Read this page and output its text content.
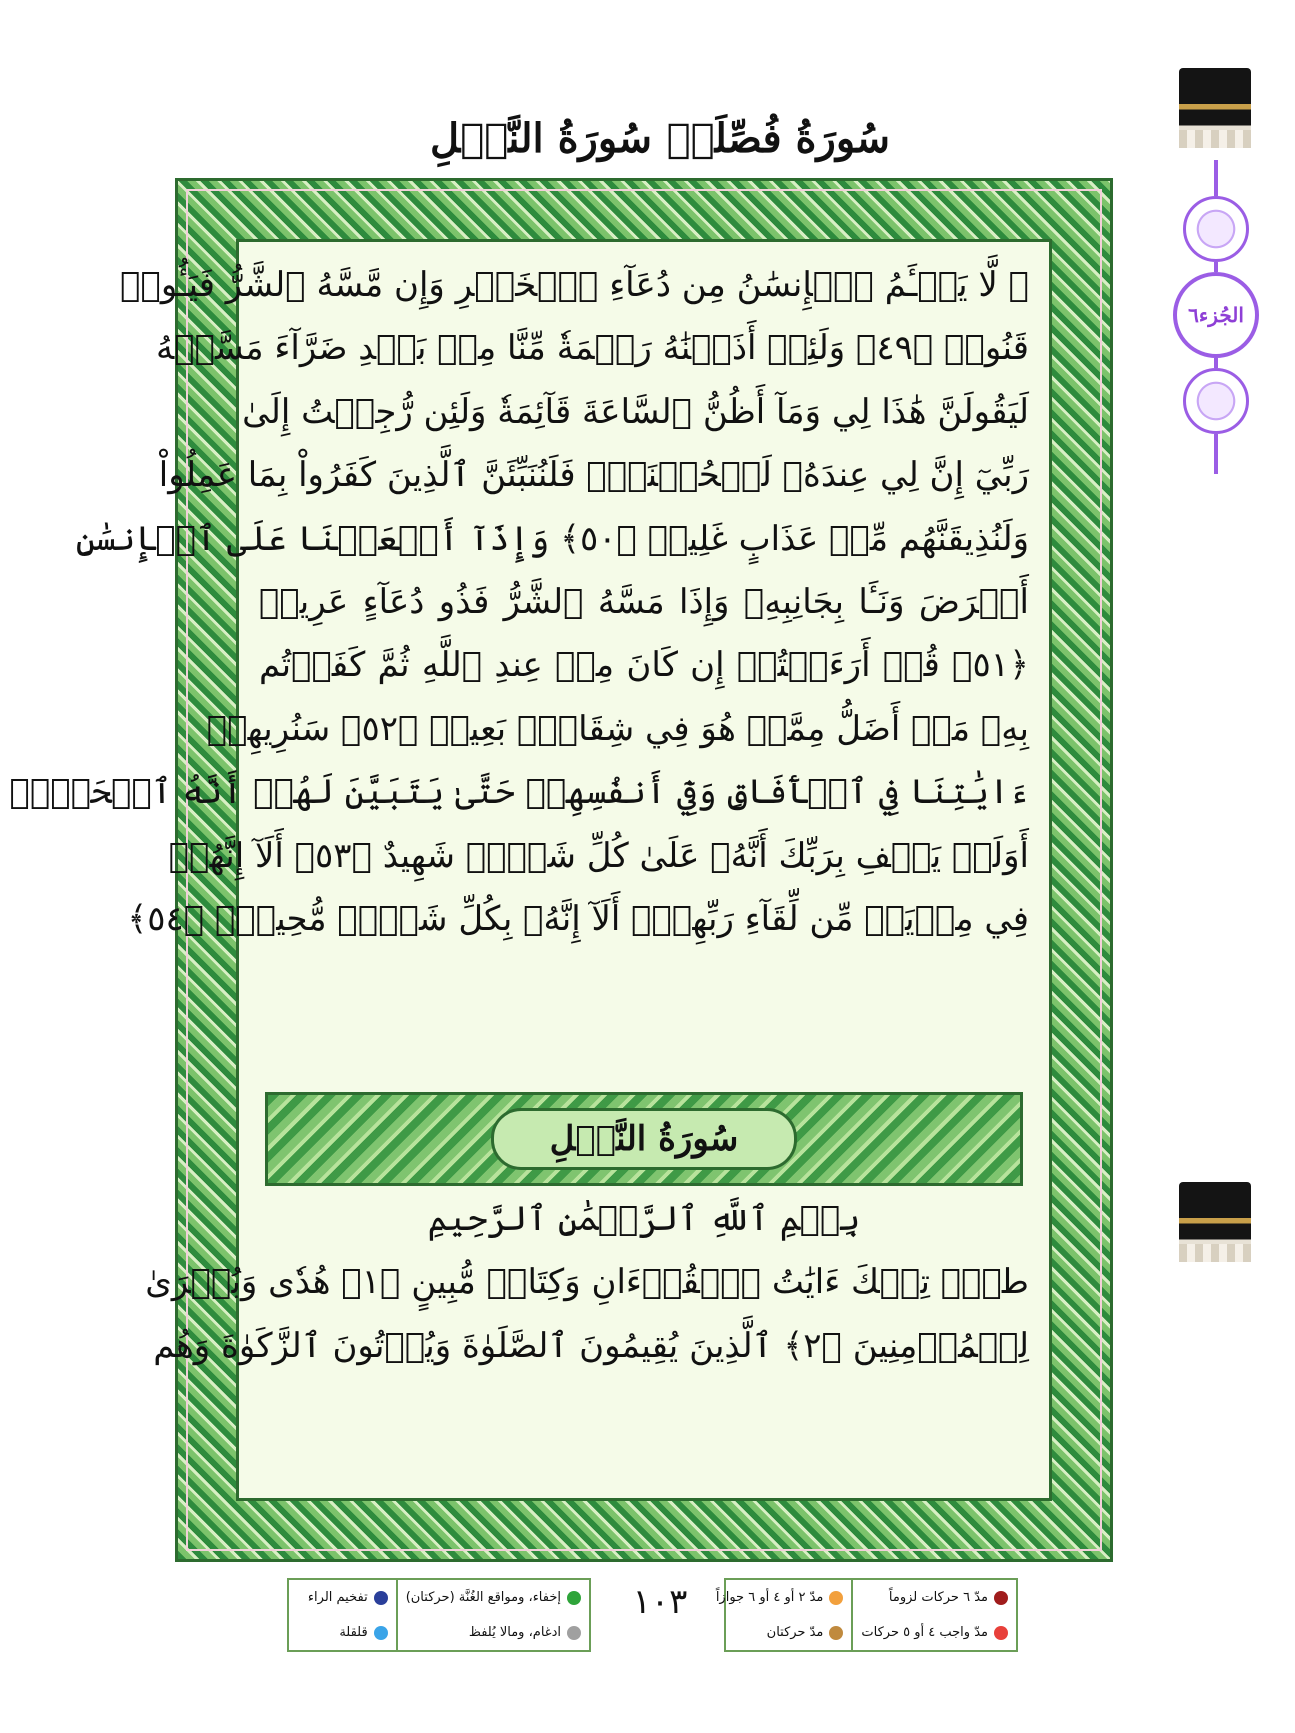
سُورَةُ فُصِّلَتۡ
سُورَةُ النَّمۡلِ
الجُزء٦
۞ لَّا يَسۡـَٔمُ ٱلۡإِنسَٰنُ مِن دُعَآءِ ٱلۡخَيۡرِ وَإِن مَّسَّهُ ٱلشَّرُّ فَيَـُٔوسٞ
قَنُوطٞ ﴿٤٩﴾ وَلَئِنۡ أَذَقۡنَٰهُ رَحۡمَةٗ مِّنَّا مِنۢ بَعۡدِ ضَرَّآءَ مَسَّتۡهُ
لَيَقُولَنَّ هَٰذَا لِي وَمَآ أَظُنُّ ٱلسَّاعَةَ قَآئِمَةٗ وَلَئِن رُّجِعۡتُ إِلَىٰ
رَبِّيٓ إِنَّ لِي عِندَهُۥ لَلۡحُسۡنَىٰۚ فَلَنُنَبِّئَنَّ ٱلَّذِينَ كَفَرُواْ بِمَا عَمِلُواْ
وَلَنُذِيقَنَّهُم مِّنۡ عَذَابٍ غَلِيظٖ ﴿٥٠﴾ وَإِذَآ أَنۡعَمۡنَا عَلَى ٱلۡإِنسَٰنِ
أَعۡرَضَ وَنَـَٔا بِجَانِبِهِۦ وَإِذَا مَسَّهُ ٱلشَّرُّ فَذُو دُعَآءٍ عَرِيضٖ
﴿٥١﴾ قُلۡ أَرَءَيۡتُمۡ إِن كَانَ مِنۡ عِندِ ٱللَّهِ ثُمَّ كَفَرۡتُم
بِهِۦ مَنۡ أَضَلُّ مِمَّنۡ هُوَ فِي شِقَاقِۭ بَعِيدٖ ﴿٥٢﴾ سَنُرِيهِمۡ
ءَايَٰتِنَا فِي ٱلۡأٓفَاقِ وَفِيٓ أَنفُسِهِمۡ حَتَّىٰ يَتَبَيَّنَ لَهُمۡ أَنَّهُ ٱلۡحَقُّۗ
أَوَلَمۡ يَكۡفِ بِرَبِّكَ أَنَّهُۥ عَلَىٰ كُلِّ شَيۡءٖ شَهِيدٌ ﴿٥٣﴾ أَلَآ إِنَّهُمۡ
فِي مِرۡيَةٖ مِّن لِّقَآءِ رَبِّهِمۡۗ أَلَآ إِنَّهُۥ بِكُلِّ شَيۡءٖ مُّحِيطُۢ ﴿٥٤﴾
سُورَةُ النَّمۡلِ
بِسۡمِ ٱللَّهِ ٱلرَّحۡمَٰنِ ٱلرَّحِيمِ
طسٓۚ تِلۡكَ ءَايَٰتُ ٱلۡقُرۡءَانِ وَكِتَابٖ مُّبِينٍ ﴿١﴾ هُدٗى وَبُشۡرَىٰ
لِلۡمُؤۡمِنِينَ ﴿٢﴾ ٱلَّذِينَ يُقِيمُونَ ٱلصَّلَوٰةَ وَيُؤۡتُونَ ٱلزَّكَوٰةَ وَهُم
مدّ ٦ حركات لزوماً
مدّ واجب ٤ أو ٥ حركات
مدّ ٢ أو ٤ أو ٦ جوازاً
مدّ حركتان
١٠٣
إخفاء، ومواقع الغُنَّة (حركتان)
ادغام، ومالا يُلفظ
تفخيم الراء
قلقلة
